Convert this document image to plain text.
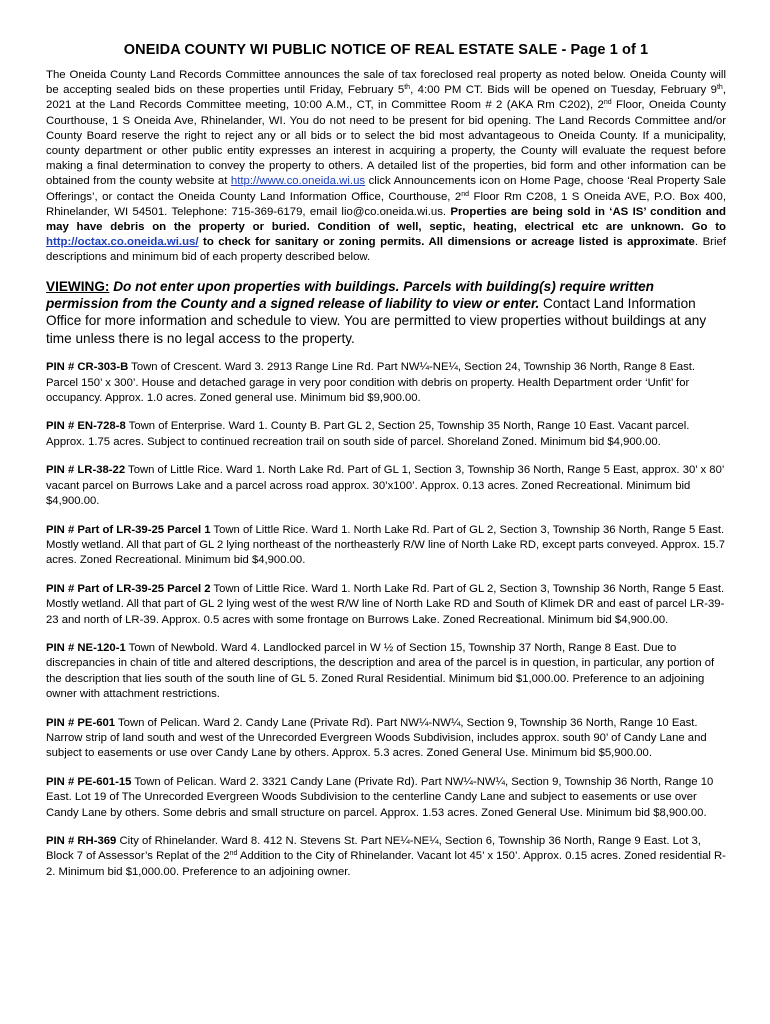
ONEIDA COUNTY WI PUBLIC NOTICE OF REAL ESTATE SALE - Page 1 of 1

The Oneida County Land Records Committee announces the sale of tax foreclosed real property as noted below. Oneida County will be accepting sealed bids on these properties until Friday, February 5th, 4:00 PM CT. Bids will be opened on Tuesday, February 9th, 2021 at the Land Records Committee meeting, 10:00 A.M., CT, in Committee Room # 2 (AKA Rm C202), 2nd Floor, Oneida County Courthouse, 1 S Oneida Ave, Rhinelander, WI. You do not need to be present for bid opening. The Land Records Committee and/or County Board reserve the right to reject any or all bids or to select the bid most advantageous to Oneida County. If a municipality, county department or other public entity expresses an interest in acquiring a property, the County will evaluate the request before making a final determination to convey the property to others. A detailed list of the properties, bid form and other information can be obtained from the county website at http://www.co.oneida.wi.us click Announcements icon on Home Page, choose ‘Real Property Sale Offerings’, or contact the Oneida County Land Information Office, Courthouse, 2nd Floor Rm C208, 1 S Oneida AVE, P.O. Box 400, Rhinelander, WI 54501. Telephone: 715-369-6179, email lio@co.oneida.wi.us. Properties are being sold in ‘AS IS’ condition and may have debris on the property or buried. Condition of well, septic, heating, electrical etc are unknown. Go to http://octax.co.oneida.wi.us/ to check for sanitary or zoning permits. All dimensions or acreage listed is approximate. Brief descriptions and minimum bid of each property described below.

VIEWING: Do not enter upon properties with buildings. Parcels with building(s) require written permission from the County and a signed release of liability to view or enter. Contact Land Information Office for more information and schedule to view. You are permitted to view properties without buildings at any time unless there is no legal access to the property.

PIN # CR-303-B Town of Crescent. Ward 3. 2913 Range Line Rd. Part NW¼-NE¼, Section 24, Township 36 North, Range 8 East. Parcel 150’ x 300’. House and detached garage in very poor condition with debris on property. Health Department order ‘Unfit’ for occupancy. Approx. 1.0 acres. Zoned general use. Minimum bid $9,900.00.

PIN # EN-728-8 Town of Enterprise. Ward 1. County B. Part GL 2, Section 25, Township 35 North, Range 10 East. Vacant parcel. Approx. 1.75 acres. Subject to continued recreation trail on south side of parcel. Shoreland Zoned. Minimum bid $4,900.00.

PIN # LR-38-22 Town of Little Rice. Ward 1. North Lake Rd. Part of GL 1, Section 3, Township 36 North, Range 5 East, approx. 30’ x 80’ vacant parcel on Burrows Lake and a parcel across road approx. 30’x100’. Approx. 0.13 acres. Zoned Recreational. Minimum bid $4,900.00.

PIN # Part of LR-39-25 Parcel 1 Town of Little Rice. Ward 1. North Lake Rd. Part of GL 2, Section 3, Township 36 North, Range 5 East. Mostly wetland. All that part of GL 2 lying northeast of the northeasterly R/W line of North Lake RD, except parts conveyed. Approx. 15.7 acres. Zoned Recreational. Minimum bid $4,900.00.

PIN # Part of LR-39-25 Parcel 2 Town of Little Rice. Ward 1. North Lake Rd. Part of GL 2, Section 3, Township 36 North, Range 5 East. Mostly wetland. All that part of GL 2 lying west of the west R/W line of North Lake RD and South of Klimek DR and east of parcel LR-39-23 and north of LR-39. Approx. 0.5 acres with some frontage on Burrows Lake. Zoned Recreational. Minimum bid $4,900.00.

PIN # NE-120-1 Town of Newbold. Ward 4. Landlocked parcel in W ½ of Section 15, Township 37 North, Range 8 East. Due to discrepancies in chain of title and altered descriptions, the description and area of the parcel is in question, in particular, any portion of the description that lies south of the south line of GL 5. Zoned Rural Residential. Minimum bid $1,000.00. Preference to an adjoining owner with attachment restrictions.

PIN # PE-601 Town of Pelican. Ward 2. Candy Lane (Private Rd). Part NW¼-NW¼, Section 9, Township 36 North, Range 10 East. Narrow strip of land south and west of the Unrecorded Evergreen Woods Subdivision, includes approx. south 90’ of Candy Lane and subject to easements or use over Candy Lane by others. Approx. 5.3 acres. Zoned General Use. Minimum bid $5,900.00.

PIN # PE-601-15 Town of Pelican. Ward 2. 3321 Candy Lane (Private Rd). Part NW¼-NW¼, Section 9, Township 36 North, Range 10 East. Lot 19 of The Unrecorded Evergreen Woods Subdivision to the centerline Candy Lane and subject to easements or use over Candy Lane by others. Some debris and small structure on parcel. Approx. 1.53 acres. Zoned General Use. Minimum bid $8,900.00.

PIN # RH-369 City of Rhinelander. Ward 8. 412 N. Stevens St. Part NE¼-NE¼, Section 6, Township 36 North, Range 9 East. Lot 3, Block 7 of Assessor’s Replat of the 2nd Addition to the City of Rhinelander. Vacant lot 45’ x 150’. Approx. 0.15 acres. Zoned residential R-2. Minimum bid $1,000.00. Preference to an adjoining owner.
